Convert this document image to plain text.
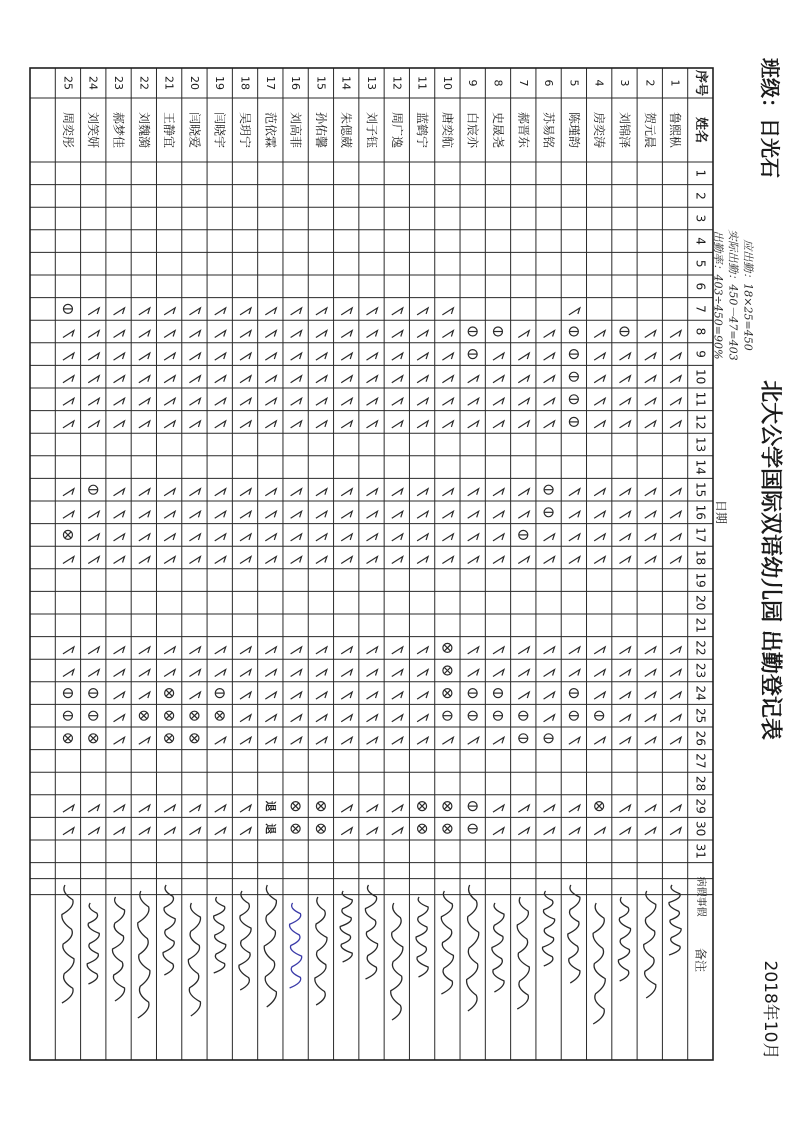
退
退
序号
姓名
1
2
3
4
5
6
7
8
9
10
11
12
13
14
15
16
17
18
19
20
21
22
23
24
25
26
27
28
29
30
31
病假
事假
备注
日期
1
鲁熙枞
2
贺元晨
3
刘锦泽
4
房奕涛
5
陈瑾韵
6
苏易铭
7
郝晋东
8
史晟尧
9
白宸亦
10
唐奕航
11
蓝鹤宁
12
周广逸
13
刘子钰
14
朱偲葳
15
孙佑馨
16
刘高菲
17
范依霖
18
吴玥宁
19
闫晓宇
20
闫晓爱
21
王静宜
22
刘魏漪
23
郝梦佳
24
刘笑妍
25
周奕彤
北大公学国际双语幼儿园 出勤登记表
班级：日光石
2018年10月
应出勤：18×25=450
实际出勤：450－47=403
出勤率：403÷450=90%
